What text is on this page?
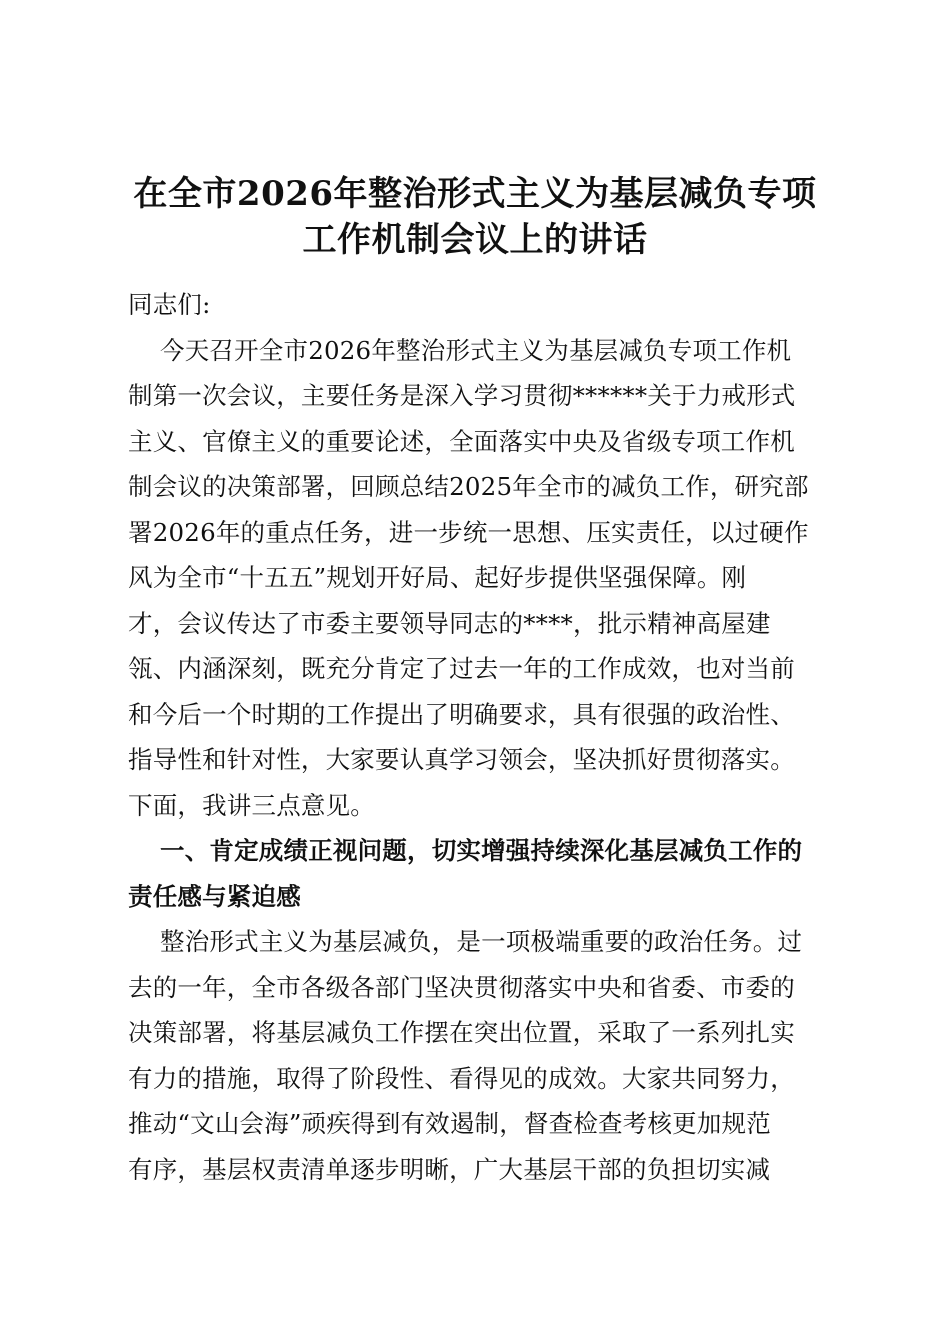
在全市2026年整治形式主义为基层减负专项
工作机制会议上的讲话
同志们:
今天召开全市2026年整治形式主义为基层减负专项工作机
制第一次会议，主要任务是深入学习贯彻******关于力戒形式
主义、官僚主义的重要论述，全面落实中央及省级专项工作机
制会议的决策部署，回顾总结2025年全市的减负工作，研究部
署2026年的重点任务，进一步统一思想、压实责任，以过硬作
风为全市“十五五”规划开好局、起好步提供坚强保障。刚
才，会议传达了市委主要领导同志的****，批示精神高屋建
瓴、内涵深刻，既充分肯定了过去一年的工作成效，也对当前
和今后一个时期的工作提出了明确要求，具有很强的政治性、
指导性和针对性，大家要认真学习领会，坚决抓好贯彻落实。
下面，我讲三点意见。
一、肯定成绩正视问题，切实增强持续深化基层减负工作的
责任感与紧迫感
整治形式主义为基层减负，是一项极端重要的政治任务。过
去的一年，全市各级各部门坚决贯彻落实中央和省委、市委的
决策部署，将基层减负工作摆在突出位置，采取了一系列扎实
有力的措施，取得了阶段性、看得见的成效。大家共同努力，
推动“文山会海”顽疾得到有效遏制，督查检查考核更加规范
有序，基层权责清单逐步明晰，广大基层干部的负担切实减
